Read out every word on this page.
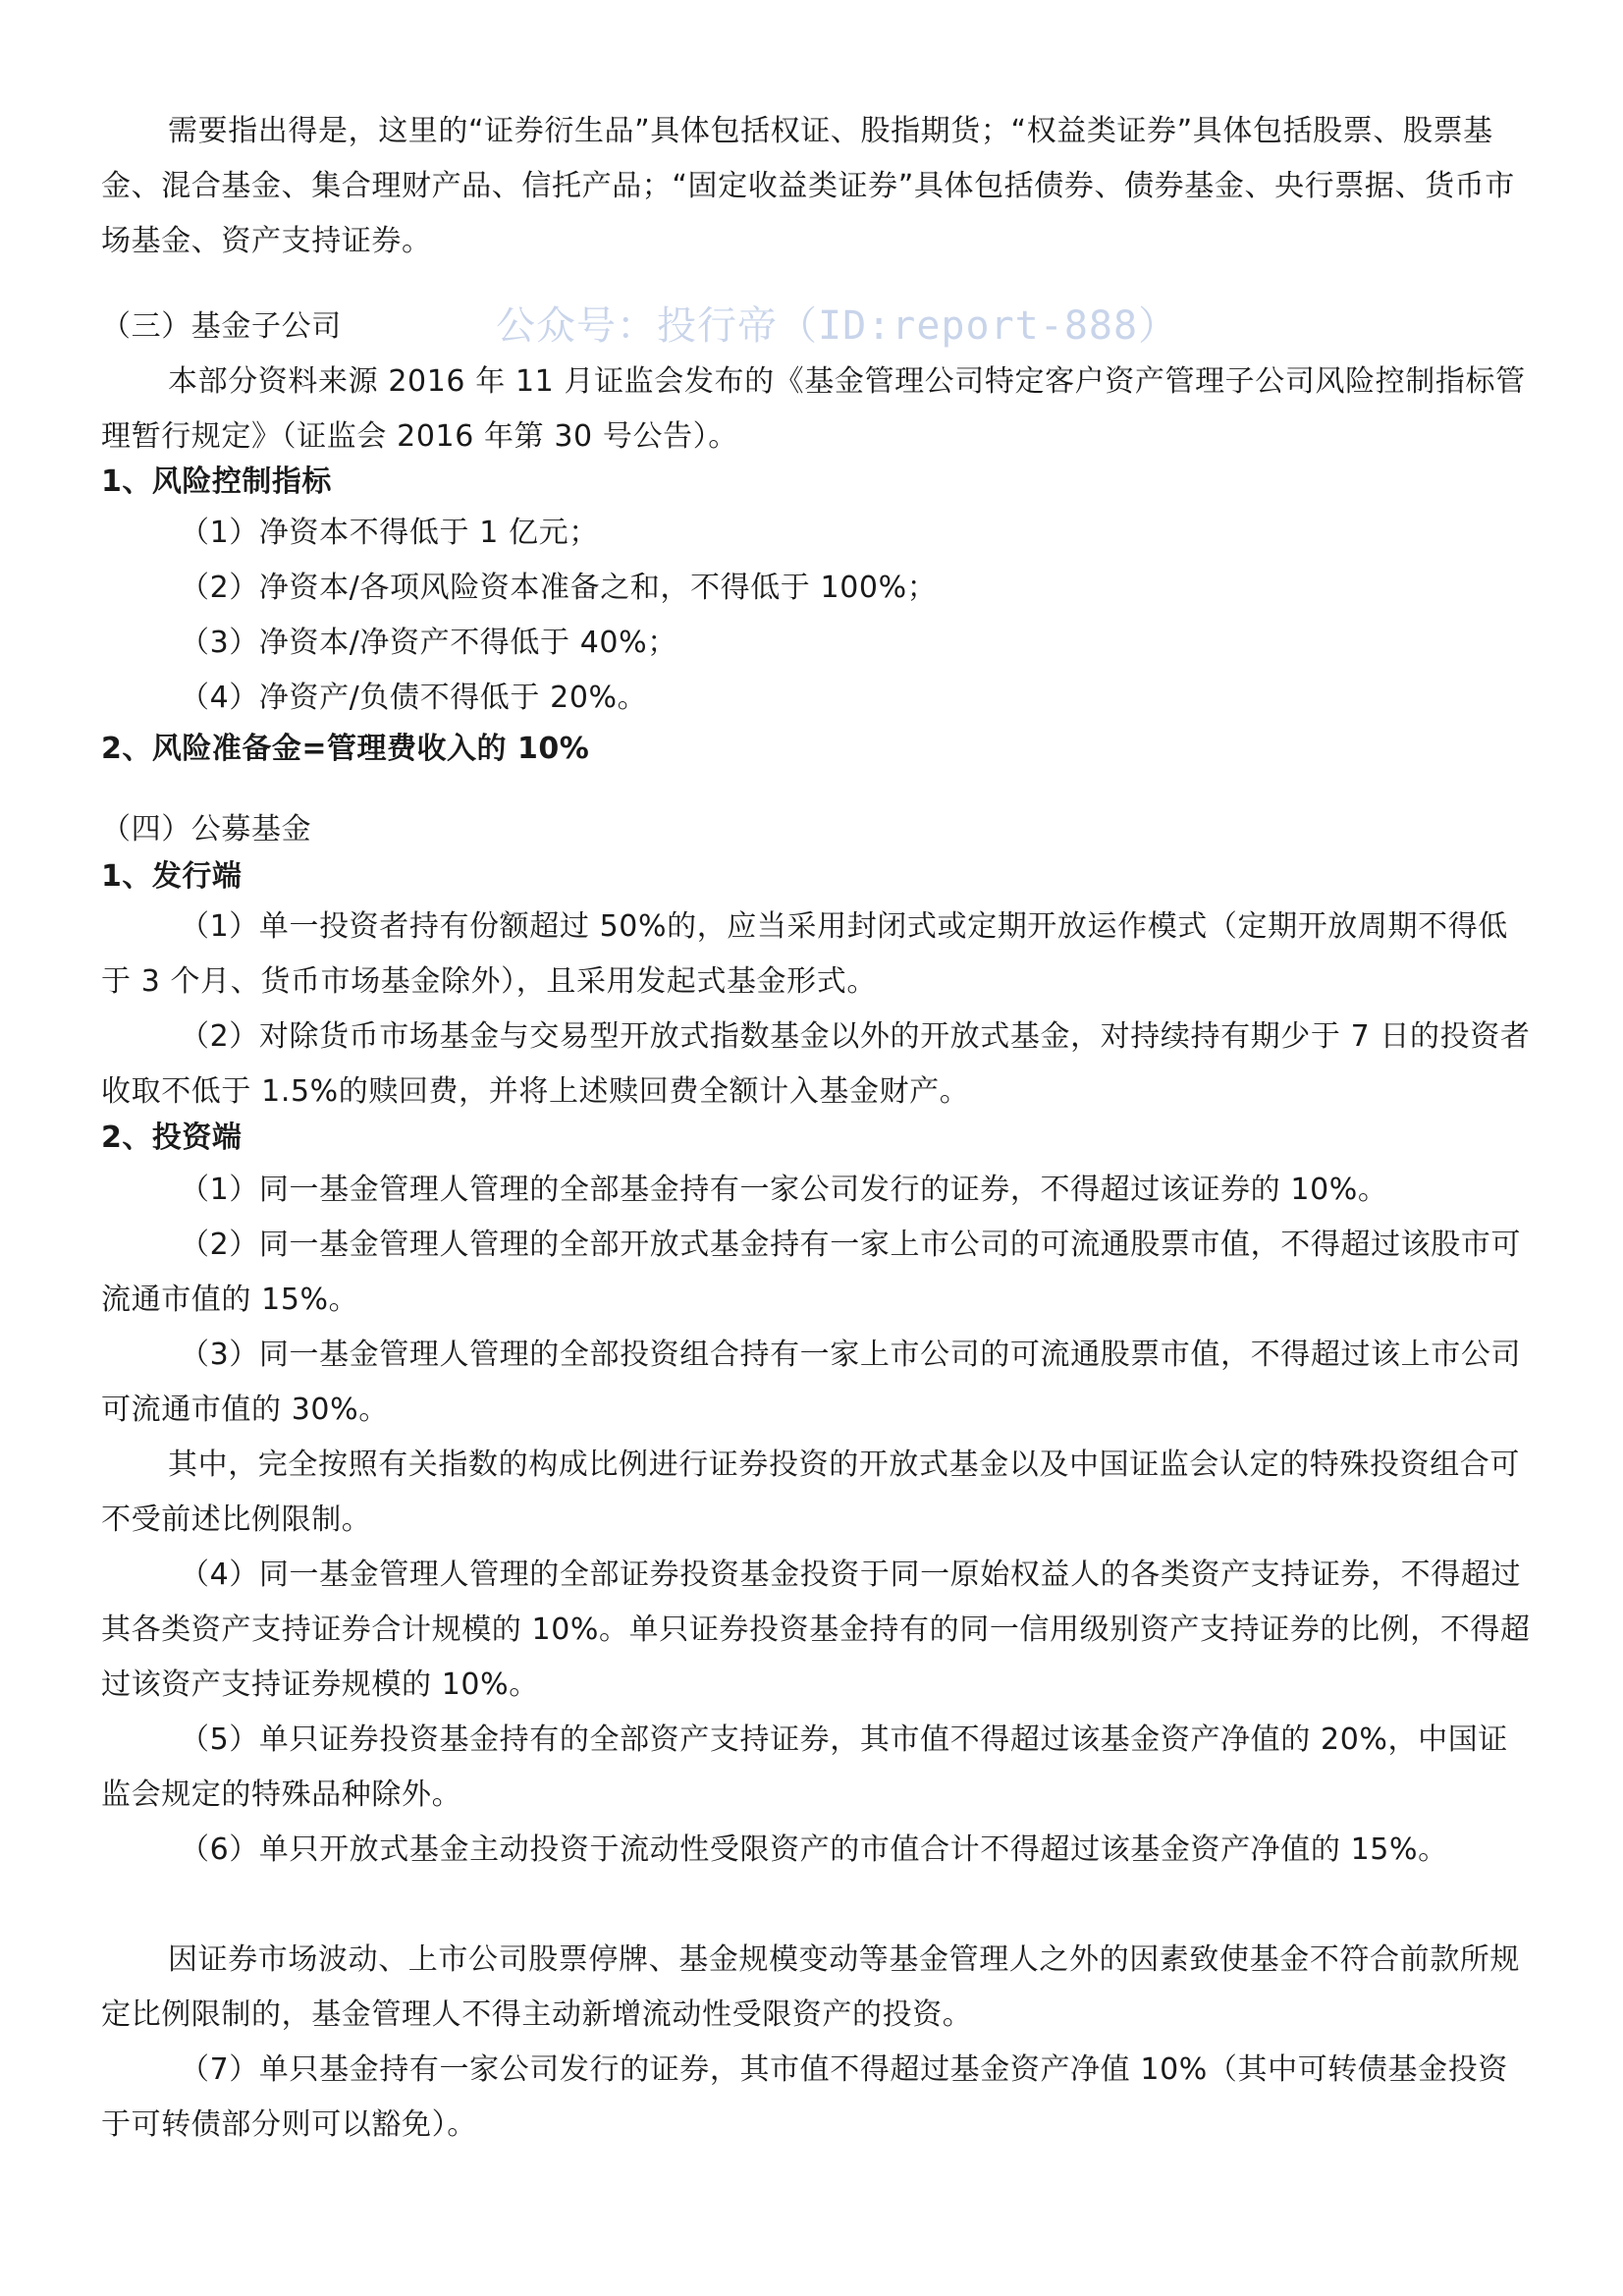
公众号：投行帝（ID:report-888）
需要指出得是，这里的“证券衍生品”具体包括权证、股指期货；“权益类证券”具体包括股票、股票基金、混合基金、集合理财产品、信托产品；“固定收益类证券”具体包括债券、债券基金、央行票据、货币市场基金、资产支持证券。
（三）基金子公司
本部分资料来源 2016 年 11 月证监会发布的《基金管理公司特定客户资产管理子公司风险控制指标管理暂行规定》（证监会 2016 年第 30 号公告）。
1、风险控制指标
（1）净资本不得低于 1 亿元；
（2）净资本/各项风险资本准备之和，不得低于 100%；
（3）净资本/净资产不得低于 40%；
（4）净资产/负债不得低于 20%。
2、风险准备金=管理费收入的 10%
（四）公募基金
1、发行端
（1）单一投资者持有份额超过 50%的，应当采用封闭式或定期开放运作模式（定期开放周期不得低于 3 个月、货币市场基金除外），且采用发起式基金形式。
（2）对除货币市场基金与交易型开放式指数基金以外的开放式基金，对持续持有期少于 7 日的投资者收取不低于 1.5%的赎回费，并将上述赎回费全额计入基金财产。
2、投资端
（1）同一基金管理人管理的全部基金持有一家公司发行的证券，不得超过该证券的 10%。
（2）同一基金管理人管理的全部开放式基金持有一家上市公司的可流通股票市值，不得超过该股市可流通市值的 15%。
（3）同一基金管理人管理的全部投资组合持有一家上市公司的可流通股票市值，不得超过该上市公司可流通市值的 30%。
其中，完全按照有关指数的构成比例进行证券投资的开放式基金以及中国证监会认定的特殊投资组合可不受前述比例限制。
（4）同一基金管理人管理的全部证券投资基金投资于同一原始权益人的各类资产支持证券，不得超过其各类资产支持证券合计规模的 10%。单只证券投资基金持有的同一信用级别资产支持证券的比例，不得超过该资产支持证券规模的 10%。
（5）单只证券投资基金持有的全部资产支持证券，其市值不得超过该基金资产净值的 20%，中国证监会规定的特殊品种除外。
（6）单只开放式基金主动投资于流动性受限资产的市值合计不得超过该基金资产净值的 15%。
因证券市场波动、上市公司股票停牌、基金规模变动等基金管理人之外的因素致使基金不符合前款所规定比例限制的，基金管理人不得主动新增流动性受限资产的投资。
（7）单只基金持有一家公司发行的证券，其市值不得超过基金资产净值 10%（其中可转债基金投资于可转债部分则可以豁免）。
